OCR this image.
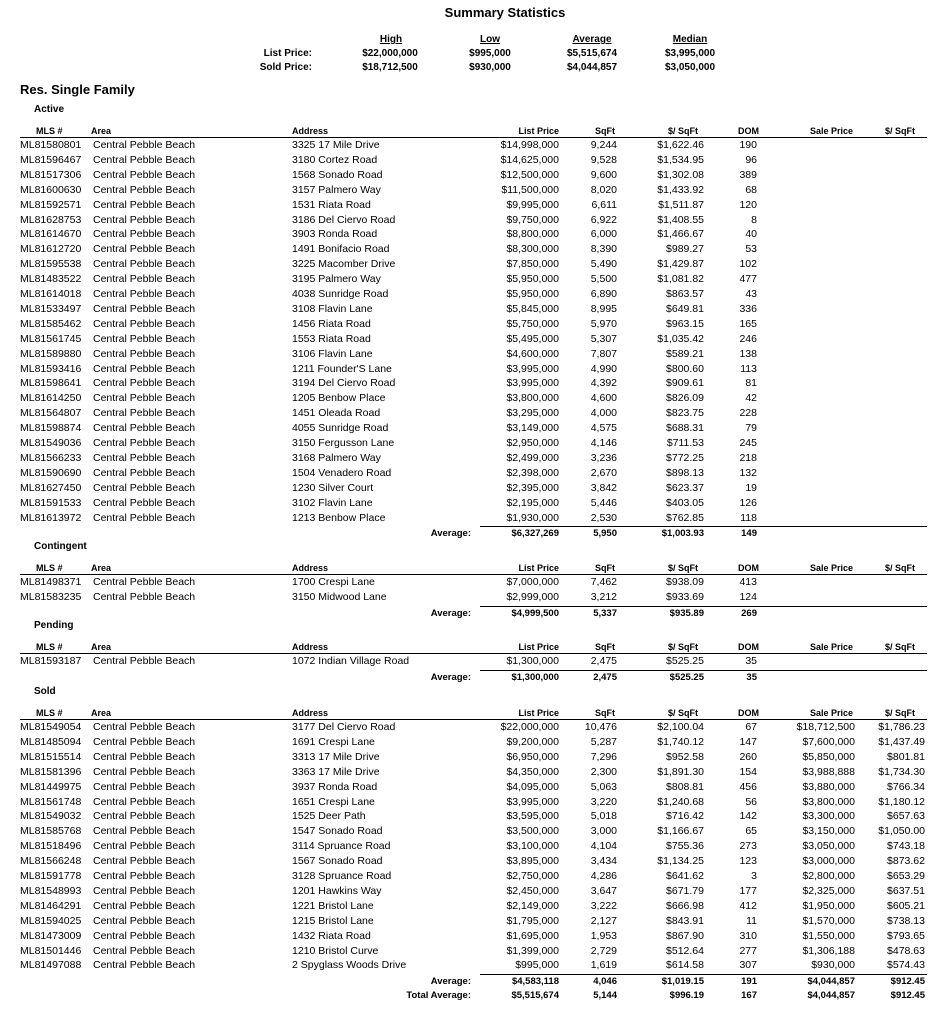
Summary Statistics
High	Low	Average	Median
List Price:	$22,000,000	$995,000	$5,515,674	$3,995,000
Sold Price:	$18,712,500	$930,000	$4,044,857	$3,050,000
Res. Single Family
Active
MLS #	Area	Address	List Price	SqFt	$/ SqFt	DOM	Sale Price	$/ SqFt
ML81580801 Central Pebble Beach	3325 17 Mile Drive	$14,998,000	9,244	$1,622.46	190
ML81596467 Central Pebble Beach	3180 Cortez Road	$14,625,000	9,528	$1,534.95	96
ML81517306 Central Pebble Beach	1568 Sonado Road	$12,500,000	9,600	$1,302.08	389
ML81600630 Central Pebble Beach	3157 Palmero Way	$11,500,000	8,020	$1,433.92	68
ML81592571 Central Pebble Beach	1531 Riata Road	$9,995,000	6,611	$1,511.87	120
ML81628753 Central Pebble Beach	3186 Del Ciervo Road	$9,750,000	6,922	$1,408.55	8
ML81614670 Central Pebble Beach	3903 Ronda Road	$8,800,000	6,000	$1,466.67	40
ML81612720 Central Pebble Beach	1491 Bonifacio Road	$8,300,000	8,390	$989.27	53
ML81595538 Central Pebble Beach	3225 Macomber Drive	$7,850,000	5,490	$1,429.87	102
ML81483522 Central Pebble Beach	3195 Palmero Way	$5,950,000	5,500	$1,081.82	477
ML81614018 Central Pebble Beach	4038 Sunridge Road	$5,950,000	6,890	$863.57	43
ML81533497 Central Pebble Beach	3108 Flavin Lane	$5,845,000	8,995	$649.81	336
ML81585462 Central Pebble Beach	1456 Riata Road	$5,750,000	5,970	$963.15	165
ML81561745 Central Pebble Beach	1553 Riata Road	$5,495,000	5,307	$1,035.42	246
ML81589880 Central Pebble Beach	3106 Flavin Lane	$4,600,000	7,807	$589.21	138
ML81593416 Central Pebble Beach	1211 Founder'S Lane	$3,995,000	4,990	$800.60	113
ML81598641 Central Pebble Beach	3194 Del Ciervo Road	$3,995,000	4,392	$909.61	81
ML81614250 Central Pebble Beach	1205 Benbow Place	$3,800,000	4,600	$826.09	42
ML81564807 Central Pebble Beach	1451 Oleada Road	$3,295,000	4,000	$823.75	228
ML81598874 Central Pebble Beach	4055 Sunridge Road	$3,149,000	4,575	$688.31	79
ML81549036 Central Pebble Beach	3150 Fergusson Lane	$2,950,000	4,146	$711.53	245
ML81566233 Central Pebble Beach	3168 Palmero Way	$2,499,000	3,236	$772.25	218
ML81590690 Central Pebble Beach	1504 Venadero Road	$2,398,000	2,670	$898.13	132
ML81627450 Central Pebble Beach	1230 Silver Court	$2,395,000	3,842	$623.37	19
ML81591533 Central Pebble Beach	3102 Flavin Lane	$2,195,000	5,446	$403.05	126
ML81613972 Central Pebble Beach	1213 Benbow Place	$1,930,000	2,530	$762.85	118
Average:	$6,327,269	5,950	$1,003.93	149
Contingent
MLS #	Area	Address	List Price	SqFt	$/ SqFt	DOM	Sale Price	$/ SqFt
ML81498371 Central Pebble Beach	1700 Crespi Lane	$7,000,000	7,462	$938.09	413
ML81583235 Central Pebble Beach	3150 Midwood Lane	$2,999,000	3,212	$933.69	124
Average:	$4,999,500	5,337	$935.89	269
Pending
MLS #	Area	Address	List Price	SqFt	$/ SqFt	DOM	Sale Price	$/ SqFt
ML81593187 Central Pebble Beach	1072 Indian Village Road	$1,300,000	2,475	$525.25	35
Average:	$1,300,000	2,475	$525.25	35
Sold
MLS #	Area	Address	List Price	SqFt	$/ SqFt	DOM	Sale Price	$/ SqFt
ML81549054 Central Pebble Beach	3177 Del Ciervo Road	$22,000,000 10,476	$2,100.04	67	$18,712,500 $1,786.23
ML81485094 Central Pebble Beach	1691 Crespi Lane	$9,200,000	5,287	$1,740.12	147	$7,600,000 $1,437.49
ML81515514 Central Pebble Beach	3313 17 Mile Drive	$6,950,000	7,296	$952.58	260	$5,850,000	$801.81
ML81581396 Central Pebble Beach	3363 17 Mile Drive	$4,350,000	2,300	$1,891.30	154	$3,988,888 $1,734.30
ML81449975 Central Pebble Beach	3937 Ronda Road	$4,095,000	5,063	$808.81	456	$3,880,000	$766.34
ML81561748 Central Pebble Beach	1651 Crespi Lane	$3,995,000	3,220	$1,240.68	56	$3,800,000 $1,180.12
ML81549032 Central Pebble Beach	1525 Deer Path	$3,595,000	5,018	$716.42	142	$3,300,000	$657.63
ML81585768 Central Pebble Beach	1547 Sonado Road	$3,500,000	3,000	$1,166.67	65	$3,150,000 $1,050.00
ML81518496 Central Pebble Beach	3114 Spruance Road	$3,100,000	4,104	$755.36	273	$3,050,000	$743.18
ML81566248 Central Pebble Beach	1567 Sonado Road	$3,895,000	3,434	$1,134.25	123	$3,000,000	$873.62
ML81591778 Central Pebble Beach	3128 Spruance Road	$2,750,000	4,286	$641.62	3	$2,800,000	$653.29
ML81548993 Central Pebble Beach	1201 Hawkins Way	$2,450,000	3,647	$671.79	177	$2,325,000	$637.51
ML81464291 Central Pebble Beach	1221 Bristol Lane	$2,149,000	3,222	$666.98	412	$1,950,000	$605.21
ML81594025 Central Pebble Beach	1215 Bristol Lane	$1,795,000	2,127	$843.91	11	$1,570,000	$738.13
ML81473009 Central Pebble Beach	1432 Riata Road	$1,695,000	1,953	$867.90	310	$1,550,000	$793.65
ML81501446 Central Pebble Beach	1210 Bristol Curve	$1,399,000	2,729	$512.64	277	$1,306,188	$478.63
ML81497088 Central Pebble Beach	2 Spyglass Woods Drive	$995,000	1,619	$614.58	307	$930,000	$574.43
Average:	$4,583,118	4,046	$1,019.15	191	$4,044,857	$912.45
Total Average:	$5,515,674	5,144	$996.19	167	$4,044,857	$912.45
